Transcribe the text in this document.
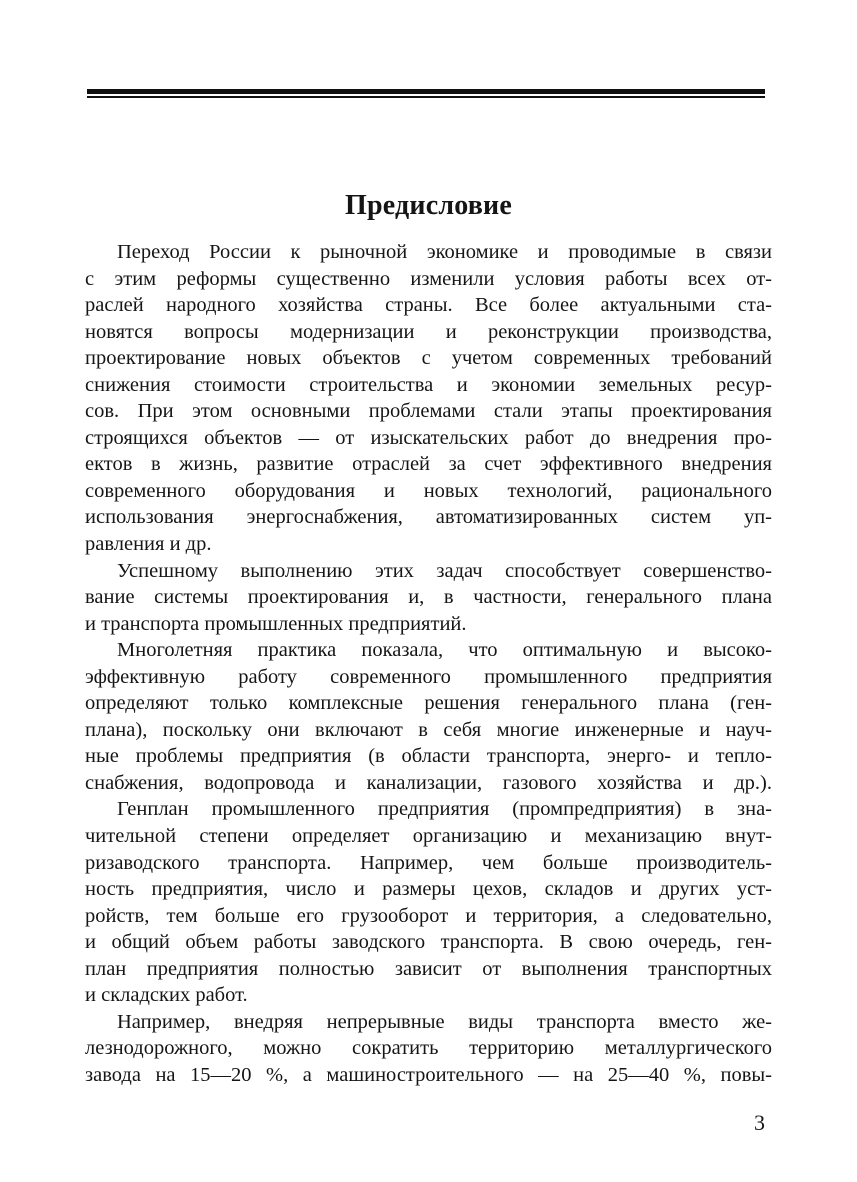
Предисловие
Переход России к рыночной экономике и проводимые в связи
с этим реформы существенно изменили условия работы всех от-
раслей народного хозяйства страны. Все более актуальными ста-
новятся вопросы модернизации и реконструкции производства,
проектирование новых объектов с учетом современных требований
снижения стоимости строительства и экономии земельных ресур-
сов. При этом основными проблемами стали этапы проектирования
строящихся объектов — от изыскательских работ до внедрения про-
ектов в жизнь, развитие отраслей за счет эффективного внедрения
современного оборудования и новых технологий, рационального
использования энергоснабжения, автоматизированных систем уп-
равления и др.
Успешному выполнению этих задач способствует совершенство-
вание системы проектирования и, в частности, генерального плана
и транспорта промышленных предприятий.
Многолетняя практика показала, что оптимальную и высоко-
эффективную работу современного промышленного предприятия
определяют только комплексные решения генерального плана (ген-
плана), поскольку они включают в себя многие инженерные и науч-
ные проблемы предприятия (в области транспорта, энерго- и тепло-
снабжения, водопровода и канализации, газового хозяйства и др.).
Генплан промышленного предприятия (промпредприятия) в зна-
чительной степени определяет организацию и механизацию внут-
ризаводского транспорта. Например, чем больше производитель-
ность предприятия, число и размеры цехов, складов и других уст-
ройств, тем больше его грузооборот и территория, а следовательно,
и общий объем работы заводского транспорта. В свою очередь, ген-
план предприятия полностью зависит от выполнения транспортных
и складских работ.
Например, внедряя непрерывные виды транспорта вместо же-
лезнодорожного, можно сократить территорию металлургического
завода на 15—20 %, а машиностроительного — на 25—40 %, повы-
3
